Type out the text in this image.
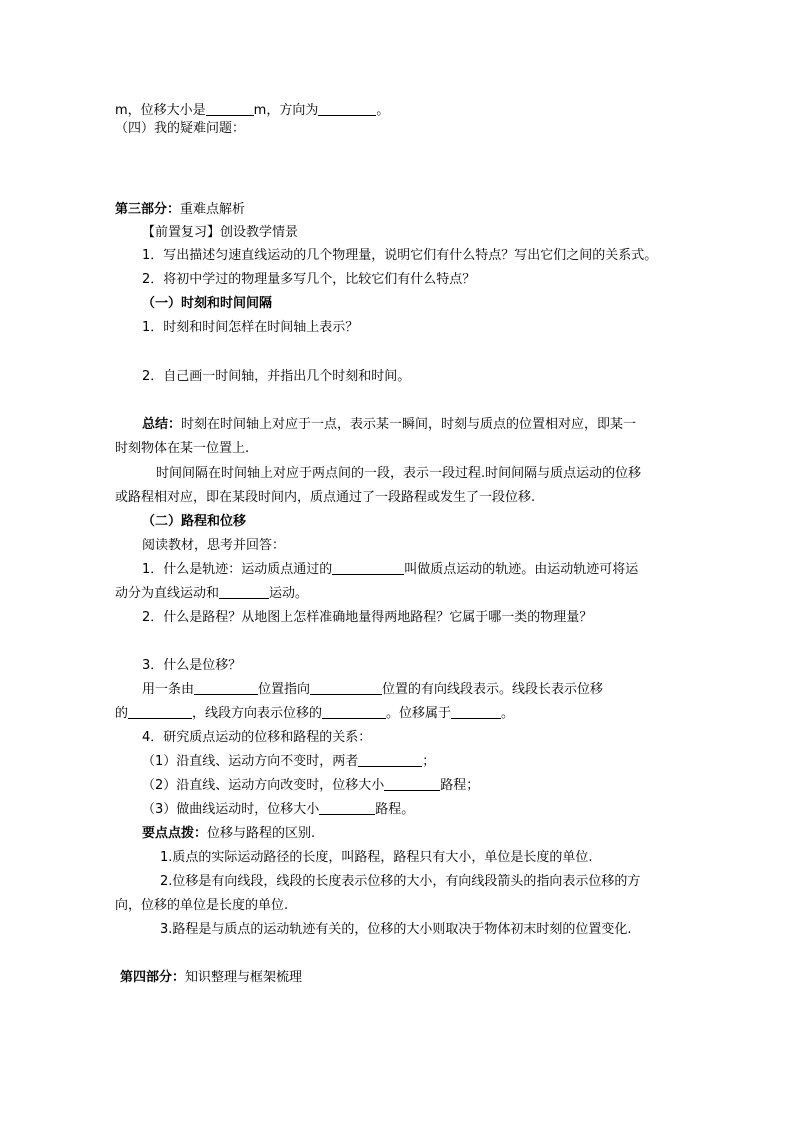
m，位移大小是	m，方向为	。
（四）我的疑难问题：
第三部分：重难点解析
【前置复习】创设教学情景
1．写出描述匀速直线运动的几个物理量，说明它们有什么特点？写出它们之间的关系式。
2．将初中学过的物理量多写几个，比较它们有什么特点？
（一）时刻和时间间隔
1．时刻和时间怎样在时间轴上表示？
2．自己画一时间轴，并指出几个时刻和时间。
总结：时刻在时间轴上对应于一点，表示某一瞬间，时刻与质点的位置相对应，即某一
时刻物体在某一位置上.
时间间隔在时间轴上对应于两点间的一段，表示一段过程.时间间隔与质点运动的位移
或路程相对应，即在某段时间内，质点通过了一段路程或发生了一段位移.
（二）路程和位移
阅读教材，思考并回答：
1．什么是轨迹：运动质点通过的	叫做质点运动的轨迹。由运动轨迹可将运
动分为直线运动和	运动。
2．什么是路程？从地图上怎样准确地量得两地路程？它属于哪一类的物理量？
3．什么是位移？
用一条由	位置指向	位置的有向线段表示。线段长表示位移
的	，线段方向表示位移的	。位移属于	。
4．研究质点运动的位移和路程的关系：
（1）沿直线、运动方向不变时，两者	；
（2）沿直线、运动方向改变时，位移大小	路程；
（3）做曲线运动时，位移大小	路程。
要点点拨：位移与路程的区别.
1.质点的实际运动路径的长度，叫路程，路程只有大小，单位是长度的单位.
2.位移是有向线段，线段的长度表示位移的大小，有向线段箭头的指向表示位移的方
向，位移的单位是长度的单位.
3.路程是与质点的运动轨迹有关的，位移的大小则取决于物体初末时刻的位置变化.
第四部分：知识整理与框架梳理
